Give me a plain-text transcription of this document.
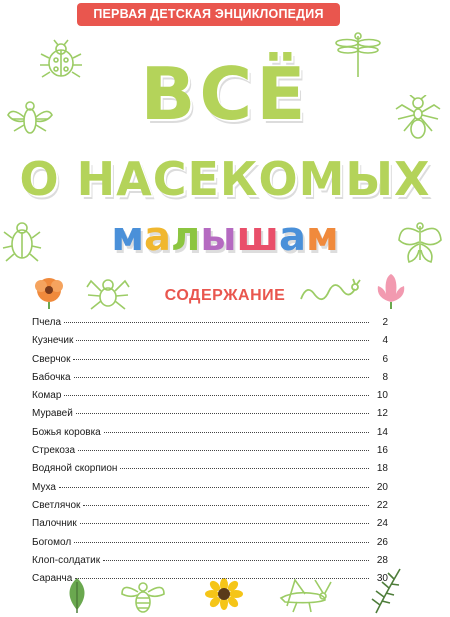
ПЕРВАЯ ДЕТСКАЯ ЭНЦИКЛОПЕДИЯ
ВСЁ
О НАСЕКОМЫХ
малышам
СОДЕРЖАНИЕ
Пчела	2
Кузнечик	4
Сверчок	6
Бабочка	8
Комар	10
Муравей	12
Божья коровка	14
Стрекоза	16
Водяной скорпион	18
Муха	20
Светлячок	22
Палочник	24
Богомол	26
Клоп-солдатик	28
Саранча	30
